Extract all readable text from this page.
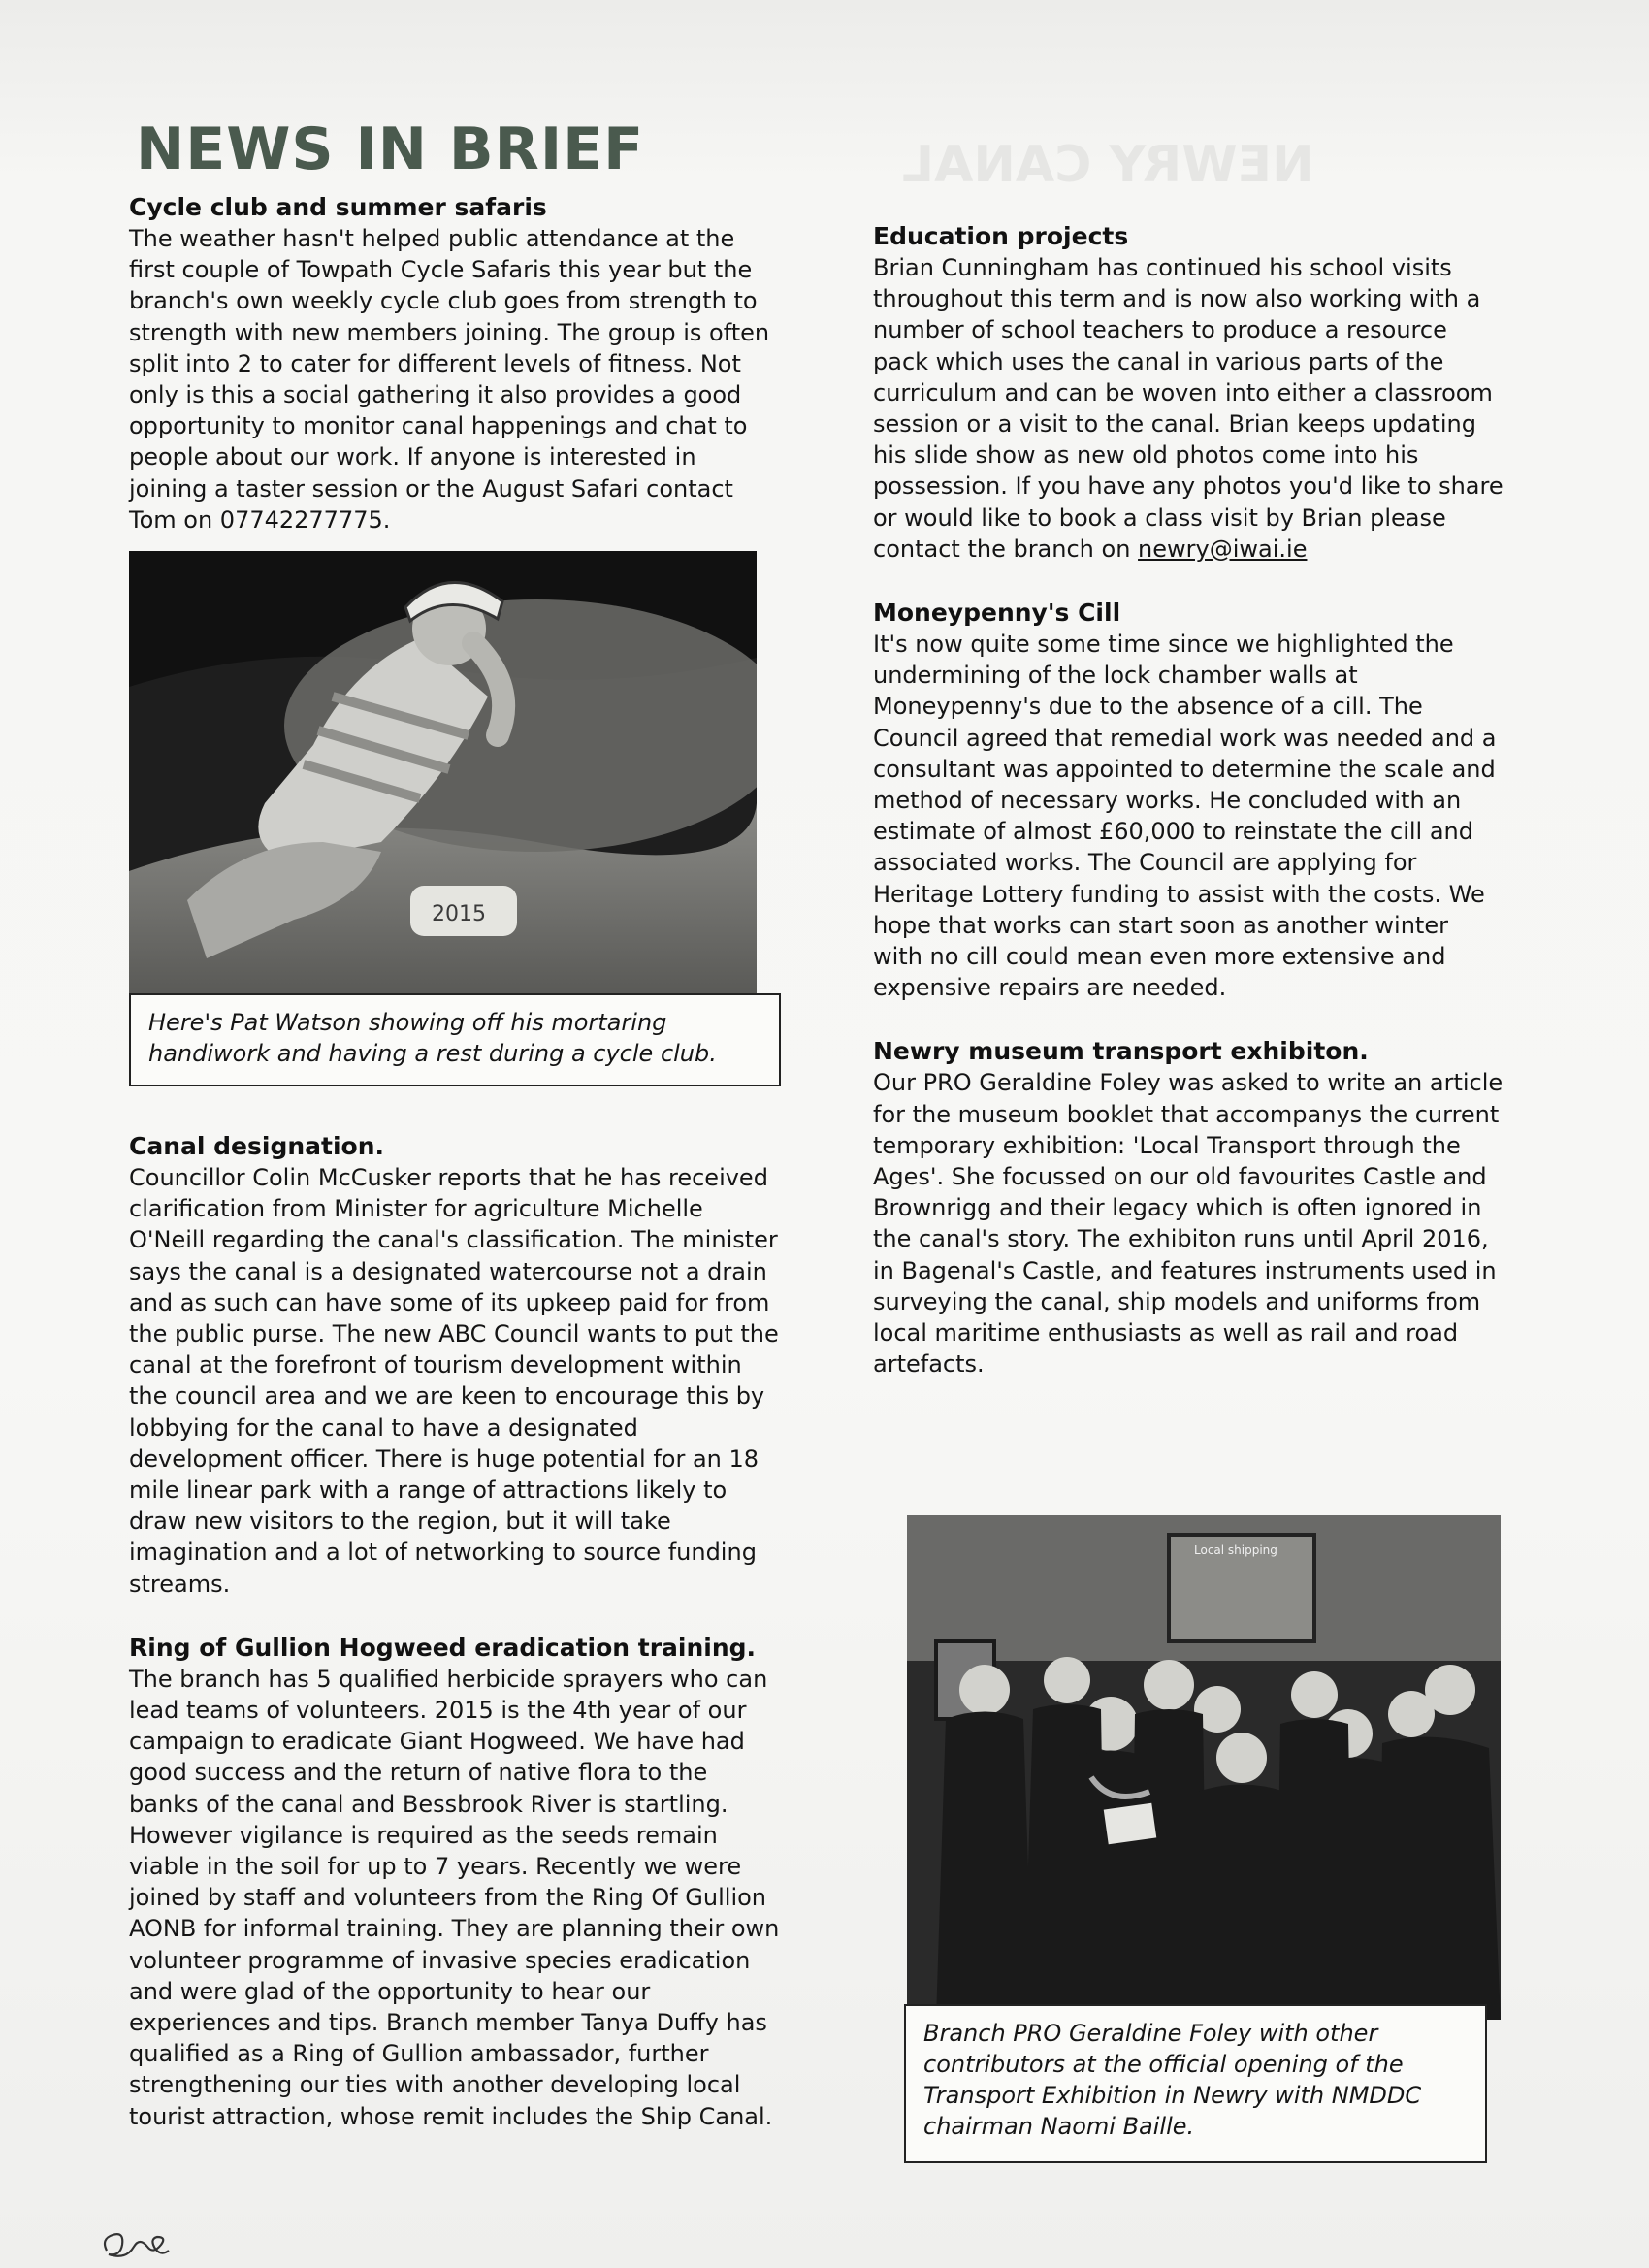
NEWRY CANAL
NEWS IN BRIEF
Cycle club and summer safaris

The weather hasn't helped public attendance at the first couple of Towpath Cycle Safaris this year but the branch's own weekly cycle club goes from strength to strength with new members joining. The group is often split into 2 to cater for different levels of fitness. Not only is this a social gathering it also provides a good opportunity to monitor canal happenings and chat to people about our work. If anyone is interested in joining a taster session or the August Safari contact Tom on 07742277775.

2015
Here's Pat Watson showing off his mortaring handiwork and having a rest during a cycle club.
Canal designation.

Councillor Colin McCusker reports that he has received clarification from Minister for agriculture Michelle O'Neill regarding the canal's classification. The minister says the canal is a designated watercourse not a drain and as such can have some of its upkeep paid for from the public purse. The new ABC Council wants to put the canal at the forefront of tourism development within the council area and we are keen to encourage this by lobbying for the canal to have a designated development officer. There is huge potential for an 18 mile linear park with a range of attractions likely to draw new visitors to the region, but it will take imagination and a lot of networking to source funding streams.

Ring of Gullion Hogweed eradication training.

The branch has 5 qualified herbicide sprayers who can lead teams of volunteers. 2015 is the 4th year of our campaign to eradicate Giant Hogweed. We have had good success and the return of native flora to the banks of the canal and Bessbrook River is startling. However vigilance is required as the seeds remain viable in the soil for up to 7 years. Recently we were joined by staff and volunteers from the Ring Of Gullion AONB for informal training. They are planning their own volunteer programme of invasive species eradication and were glad of the opportunity to hear our experiences and tips. Branch member Tanya Duffy has qualified as a Ring of Gullion ambassador, further strengthening our ties with another developing local tourist attraction, whose remit includes the Ship Canal.

Education projects

Brian Cunningham has continued his school visits throughout this term and is now also working with a number of school teachers to produce a resource pack which uses the canal in various parts of the curriculum and can be woven into either a classroom session or a visit to the canal. Brian keeps updating his slide show as new old photos come into his possession. If you have any photos you'd like to share or would like to book a class visit by Brian please contact the branch on newry@iwai.ie

Moneypenny's Cill

It's now quite some time since we highlighted the undermining of the lock chamber walls at Moneypenny's due to the absence of a cill. The Council agreed that remedial work was needed and a consultant was appointed to determine the scale and method of necessary works. He concluded with an estimate of almost £60,000 to reinstate the cill and associated works. The Council are applying for Heritage Lottery funding to assist with the costs. We hope that works can start soon as another winter with no cill could mean even more extensive and expensive repairs are needed.

Newry museum transport exhibiton.

Our PRO Geraldine Foley was asked to write an article for the museum booklet that accompanys the current temporary exhibition: 'Local Transport through the Ages'. She focussed on our old favourites Castle and Brownrigg and their legacy which is often ignored in the canal's story. The exhibiton runs until April 2016, in Bagenal's Castle, and features instruments used in surveying the canal, ship models and uniforms from local maritime enthusiasts as well as rail and road artefacts.

Local shipping
Branch PRO Geraldine Foley with other contributors at the official opening of the Transport Exhibition in Newry with NMDDC chairman Naomi Baille.
